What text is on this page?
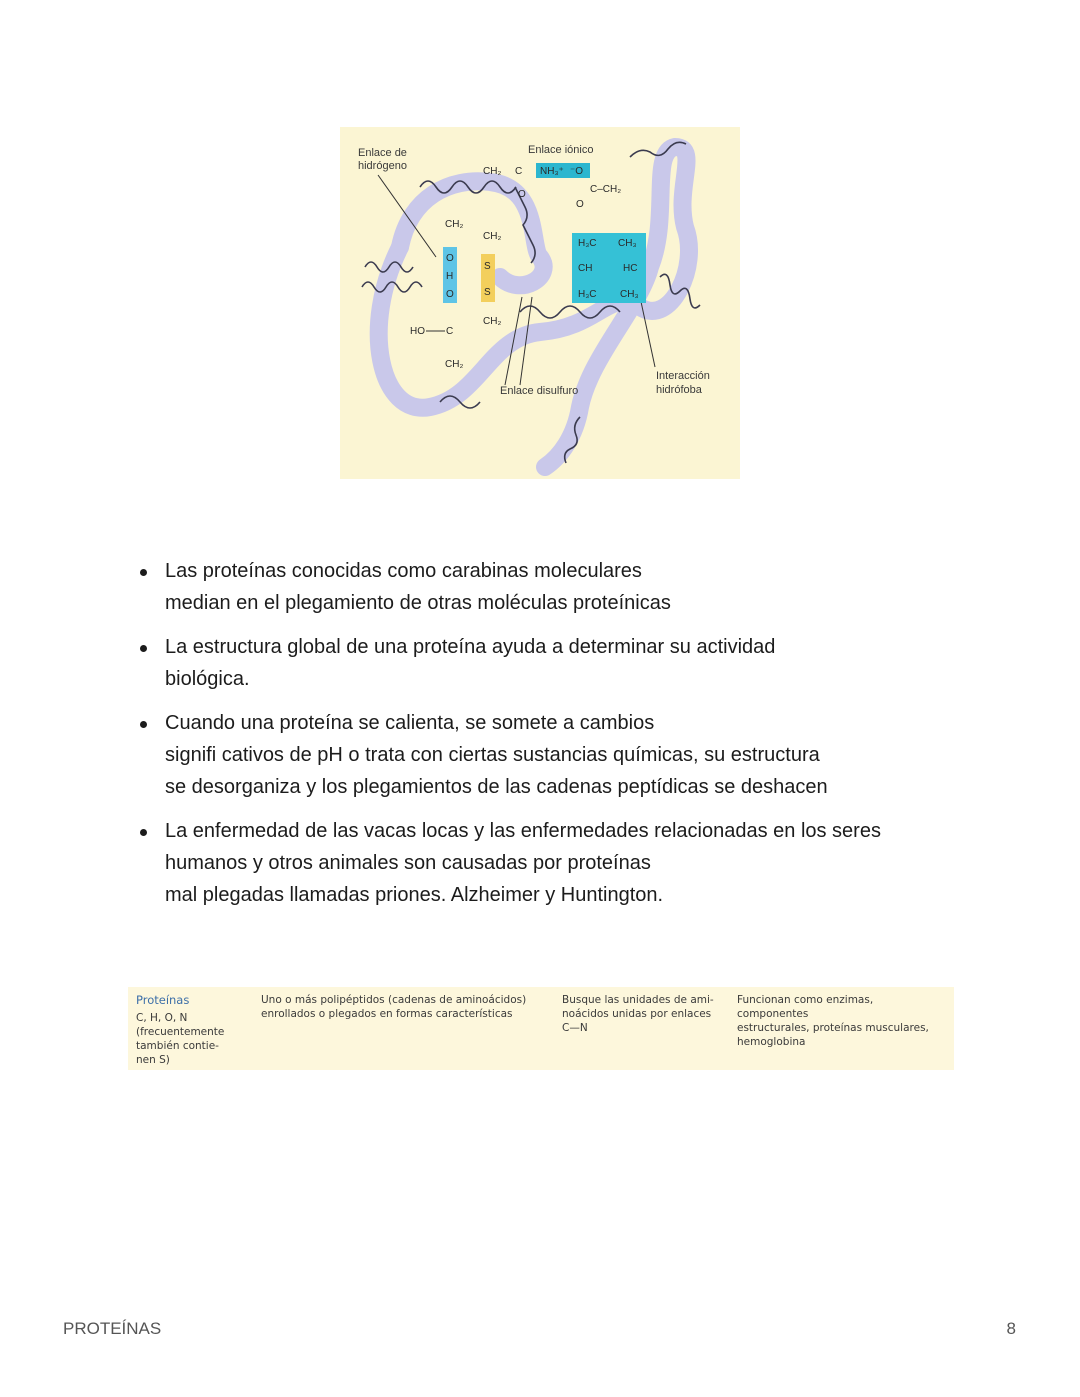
Enlace de
hidrógeno
Enlace iónico
Enlace disulfuro
Interacción
hidrófoba
CH₂ C
O
NH₃⁺ ⁻O
C–CH₂
O
CH₂
O
H
O
HO C
CH₂
CH₂
S
S
CH₂
H₃C CH₃
CH	HC
H₃C CH₃
Las proteínas conocidas como carabinas moleculares
median en el plegamiento de otras moléculas proteínicas
La estructura global de una proteína ayuda a determinar su actividad
biológica.
Cuando una proteína se calienta, se somete a cambios
signifi cativos de pH o trata con ciertas sustancias químicas, su estructura
se desorganiza y los plegamientos de las cadenas peptídicas se deshacen
La enfermedad de las vacas locas y las enfermedades relacionadas en los seres
humanos y otros animales son causadas por proteínas
mal plegadas llamadas priones. Alzheimer y Huntington.
Proteínas
C, H, O, N
(frecuentemente
también contie-
nen S)
Uno o más polipéptidos (cadenas de aminoácidos)
enrollados o plegados en formas características
Busque las unidades de ami-
noácidos unidas por enlaces
C—N
Funcionan como enzimas, componentes
estructurales, proteínas musculares,
hemoglobina
PROTEÍNAS	8
